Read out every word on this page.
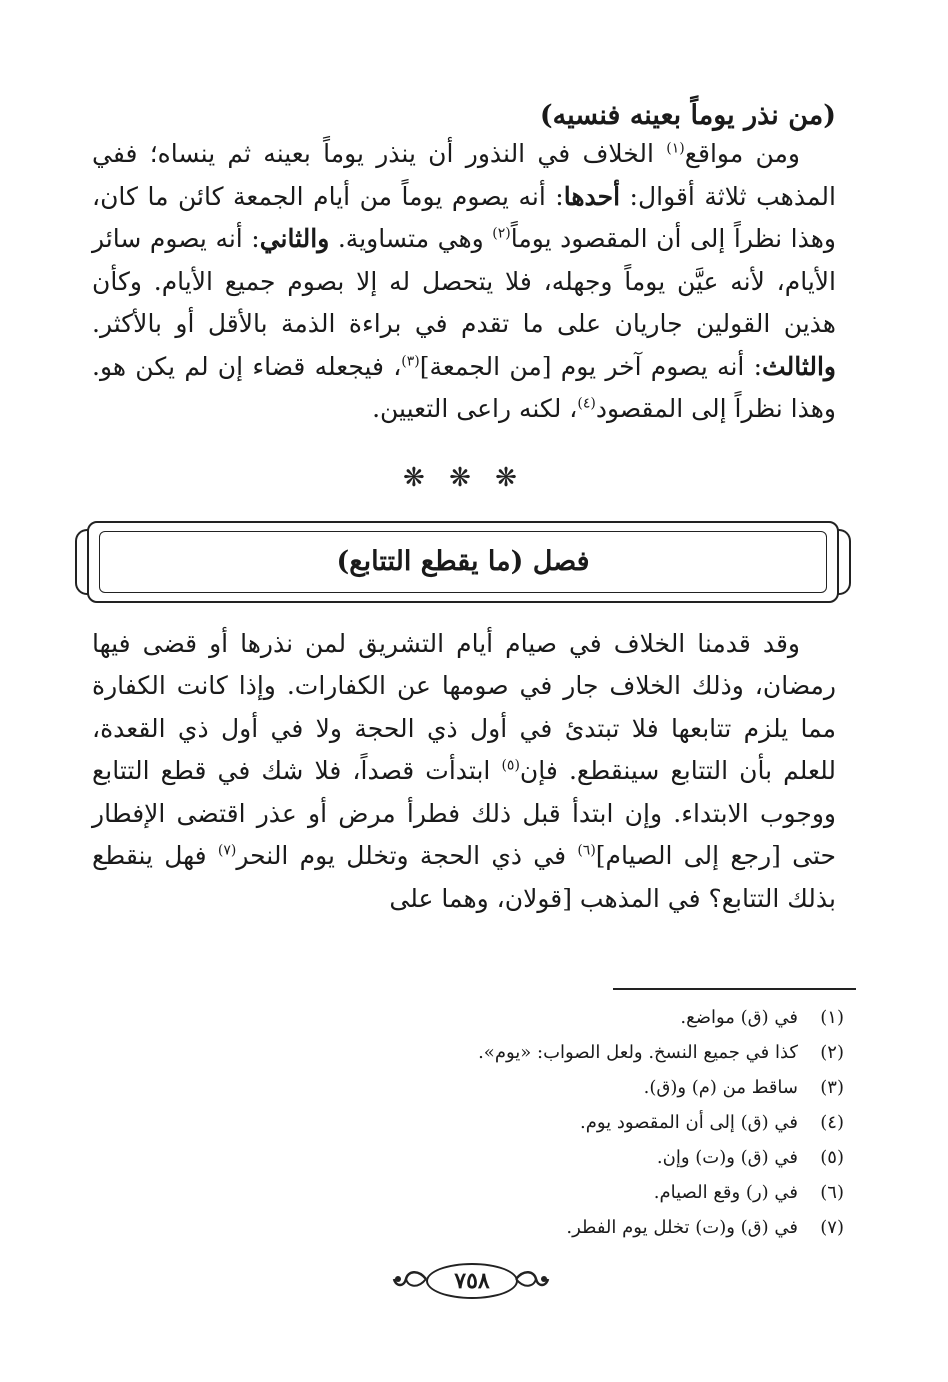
(من نذر يوماً بعينه فنسيه)

ومن مواقع$^{(١)}$ الخلاف في النذور أن ينذر يوماً بعينه ثم ينساه؛ ففي المذهب ثلاثة أقوال: أحدها: أنه يصوم يوماً من أيام الجمعة كائن ما كان، وهذا نظراً إلى أن المقصود يوماً$^{(٢)}$ وهي متساوية. والثاني: أنه يصوم سائر الأيام، لأنه عيَّن يوماً وجهله، فلا يتحصل له إلا بصوم جميع الأيام. وكأن هذين القولين جاريان على ما تقدم في براءة الذمة بالأقل أو بالأكثر. والثالث: أنه يصوم آخر يوم [من الجمعة]$^{(٣)}$، فيجعله قضاء إن لم يكن هو. وهذا نظراً إلى المقصود$^{(٤)}$، لكنه راعى التعيين.

❋ ❋ ❋
فصل (ما يقطع التتابع)

وقد قدمنا الخلاف في صيام أيام التشريق لمن نذرها أو قضى فيها رمضان، وذلك الخلاف جار في صومها عن الكفارات. وإذا كانت الكفارة مما يلزم تتابعها فلا تبتدئ في أول ذي الحجة ولا في أول ذي القعدة، للعلم بأن التتابع سينقطع. فإن$^{(٥)}$ ابتدأت قصداً، فلا شك في قطع التتابع ووجوب الابتداء. وإن ابتدأ قبل ذلك فطرأ مرض أو عذر اقتضى الإفطار حتى [رجع إلى الصيام]$^{(٦)}$ في ذي الحجة وتخلل يوم النحر$^{(٧)}$ فهل ينقطع بذلك التتابع؟ في المذهب [قولان، وهما على

(١)
في (ق) مواضع.
(٢)
كذا في جميع النسخ. ولعل الصواب: «يوم».
(٣)
ساقط من (م) و(ق).
(٤)
في (ق) إلى أن المقصود يوم.
(٥)
في (ق) و(ت) وإن.
(٦)
في (ر) وقع الصيام.
(٧)
في (ق) و(ت) تخلل يوم الفطر.
٧٥٨
